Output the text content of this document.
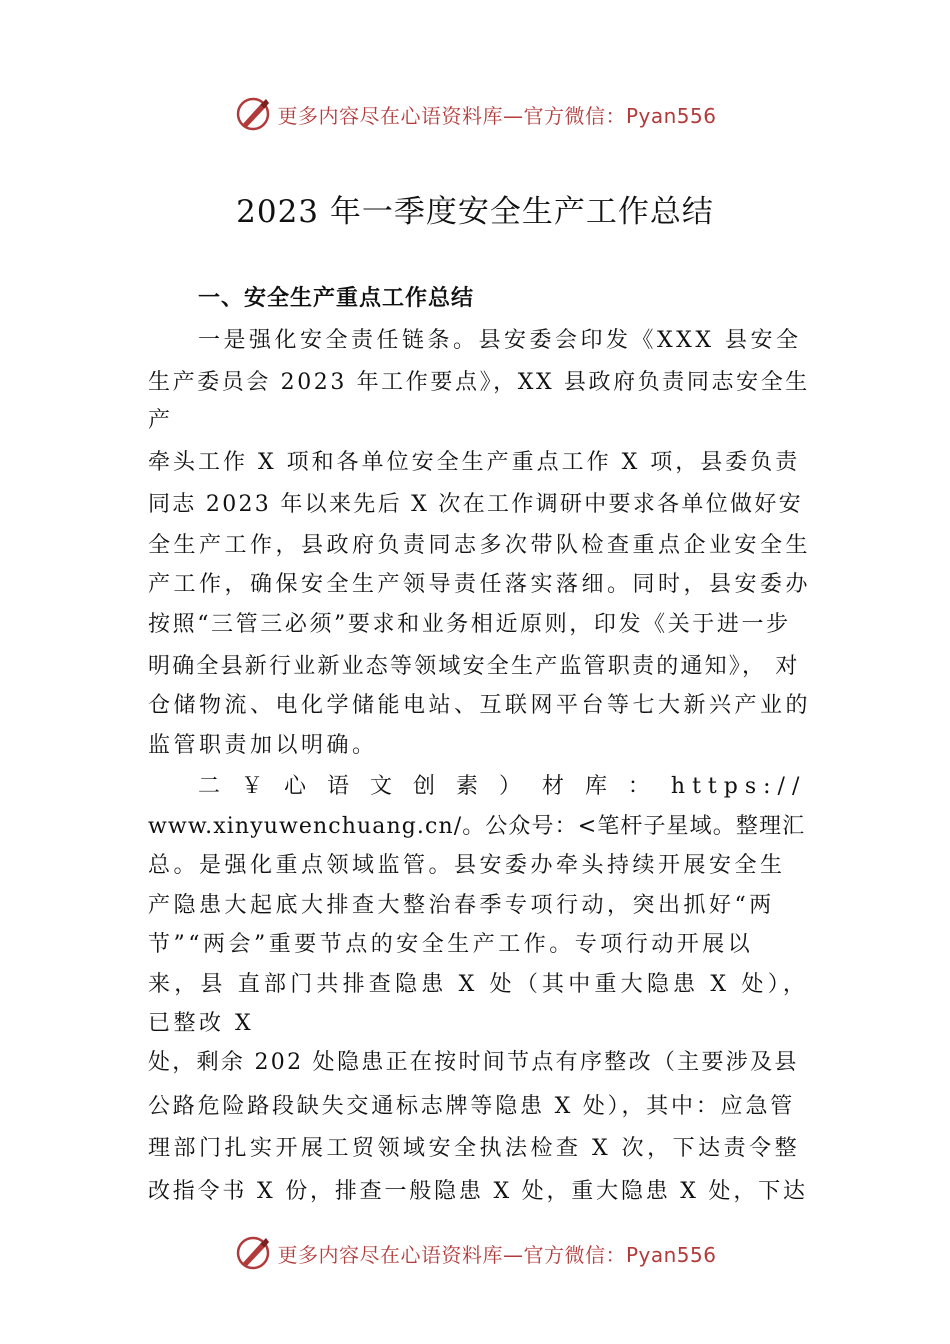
更多内容尽在心语资料库—官方微信：Pyan556
2023 年一季度安全生产工作总结
一、安全生产重点工作总结
一是强化安全责任链条。县安委会印发《XXX 县安全
生产委员会 2023 年工作要点》，XX 县政府负责同志安全生
产
牵头工作 X 项和各单位安全生产重点工作 X 项，县委负责
同志 2023 年以来先后 X 次在工作调研中要求各单位做好安
全生产工作，县政府负责同志多次带队检查重点企业安全生
产工作，确保安全生产领导责任落实落细。同时，县安委办
按照“三管三必须”要求和业务相近原则，印发《关于进一步
明确全县新行业新业态等领域安全生产监管职责的通知》， 对
仓储物流、电化学储能电站、互联网平台等七大新兴产业的
监管职责加以明确。
二 ￥ 心 语 文 创 素 ） 材 库 ： https://
www.xinyuwenchuang.cn/。公众号：<笔杆子星域。整理汇
总。是强化重点领域监管。县安委办牵头持续开展安全生
产隐患大起底大排查大整治春季专项行动，突出抓好“两
节”“两会”重要节点的安全生产工作。专项行动开展以
来，县 直部门共排查隐患 X 处（其中重大隐患 X 处），
已整改 X
处，剩余 202 处隐患正在按时间节点有序整改（主要涉及县
公路危险路段缺失交通标志牌等隐患 X 处），其中：应急管
理部门扎实开展工贸领域安全执法检查 X 次，下达责令整
改指令书 X 份，排查一般隐患 X 处，重大隐患 X 处，下达
更多内容尽在心语资料库—官方微信：Pyan556
